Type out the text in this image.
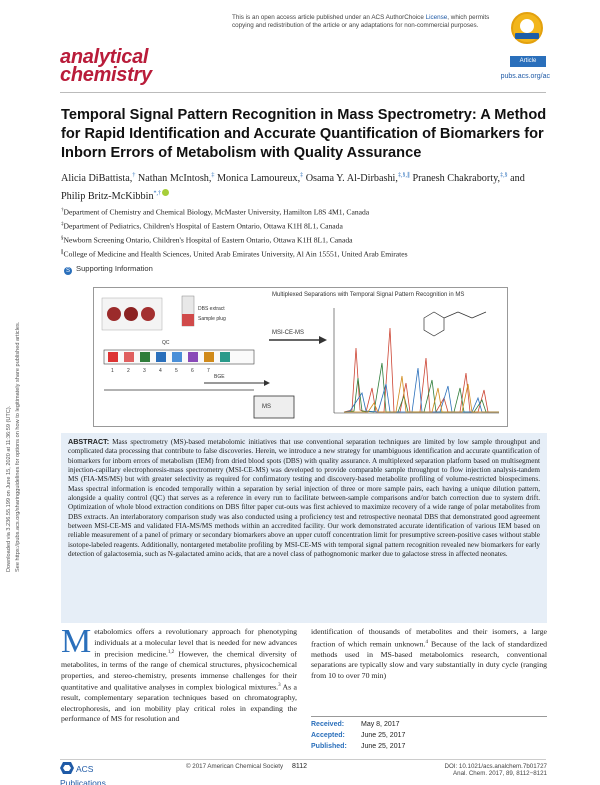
Downloaded via 3.236.55.199 on June 15, 2020 at 11:36:59 (UTC). See https://pubs.acs.org/sharingguidelines for options on how to legitimately share published articles.
This is an open access article published under an ACS AuthorChoice License, which permits copying and redistribution of the article or any adaptations for non-commercial purposes.
Article
analytical
chemistry	pubs.acs.org/ac
Temporal Signal Pattern Recognition in Mass Spectrometry: A Method for Rapid Identification and Accurate Quantification of Biomarkers for Inborn Errors of Metabolism with Quality Assurance
Alicia DiBattista,† Nathan McIntosh,‡ Monica Lamoureux,‡ Osama Y. Al-Dirbashi,‡,§,∥ Pranesh Chakraborty,‡,§ and Philip Britz-McKibbin*,†
†Department of Chemistry and Chemical Biology, McMaster University, Hamilton L8S 4M1, Canada
‡Department of Pediatrics, Children's Hospital of Eastern Ontario, Ottawa K1H 8L1, Canada
§Newborn Screening Ontario, Children's Hospital of Eastern Ontario, Ottawa K1H 8L1, Canada
∥College of Medicine and Health Sciences, United Arab Emirates University, Al Ain 15551, United Arab Emirates
S Supporting Information
Multiplexed Separations with Temporal Signal Pattern Recognition in MS
MSI-CE-MS
MS
BGE
DBS extract
Sample plug
QC
1	2	3	4	5	6	7
ABSTRACT: Mass spectrometry (MS)-based metabolomic initiatives that use conventional separation techniques are limited by low sample throughput and complicated data processing that contribute to false discoveries. Herein, we introduce a new strategy for unambiguous identification and accurate quantification of biomarkers for inborn errors of metabolism (IEM) from dried blood spots (DBS) with quality assurance. A multiplexed separation platform based on multisegment injection-capillary electrophoresis-mass spectrometry (MSI-CE-MS) was developed to provide comparable sample throughput to flow injection analysis-tandem MS (FIA-MS/MS) but with greater selectivity as required for confirmatory testing and discovery-based metabolite profiling of volume-restricted biospecimens. Mass spectral information is encoded temporally within a separation by serial injection of three or more sample pairs, each having a unique dilution pattern, alongside a quality control (QC) that serves as a reference in every run to facilitate between-sample comparisons and/or batch correction due to system drift. Optimization of whole blood extraction conditions on DBS filter paper cut-outs was first achieved to maximize recovery of a wide range of polar metabolites from DBS extracts. An interlaboratory comparison study was also conducted using a proficiency test and retrospective neonatal DBS that demonstrated good agreement between MSI-CE-MS and validated FIA-MS/MS methods within an accredited facility. Our work demonstrated accurate identification of various IEM based on reliable measurement of a panel of primary or secondary biomarkers above an upper cutoff concentration limit for presumptive screen-positive cases without stable isotope-labeled reagents. Additionally, nontargeted metabolite profiling by MSI-CE-MS with temporal signal pattern recognition revealed new biomarkers for early detection of galactosemia, such as N-galactated amino acids, that are a novel class of pathognomonic marker due to galactose stress in affected neonates.
Metabolomics offers a revolutionary approach for phenotyping individuals at a molecular level that is needed for new advances in precision medicine.$^{1,2}$ However, the chemical diversity of metabolites, in terms of the range of chemical structures, physicochemical properties, and stereo-chemistry, presents immense challenges for their quantitative and qualitative analyses in complex biological mixtures.$^3$ As a result, complementary separation techniques based on chromatography, electrophoresis, and ion mobility play critical roles in expanding the performance of MS for resolution and
identification of thousands of metabolites and their isomers, a large fraction of which remain unknown.$^4$ Because of the lack of standardized methods used in MS-based metabolomics research, conventional separations are typically slow and vary substantially in duty cycle (ranging from 10 to over 70 min)
Received: May 8, 2017
Accepted: June 25, 2017
Published: June 25, 2017
ACS Publications
© 2017 American Chemical Society 8112	DOI: 10.1021/acs.analchem.7b01727
Anal. Chem. 2017, 89, 8112−8121
